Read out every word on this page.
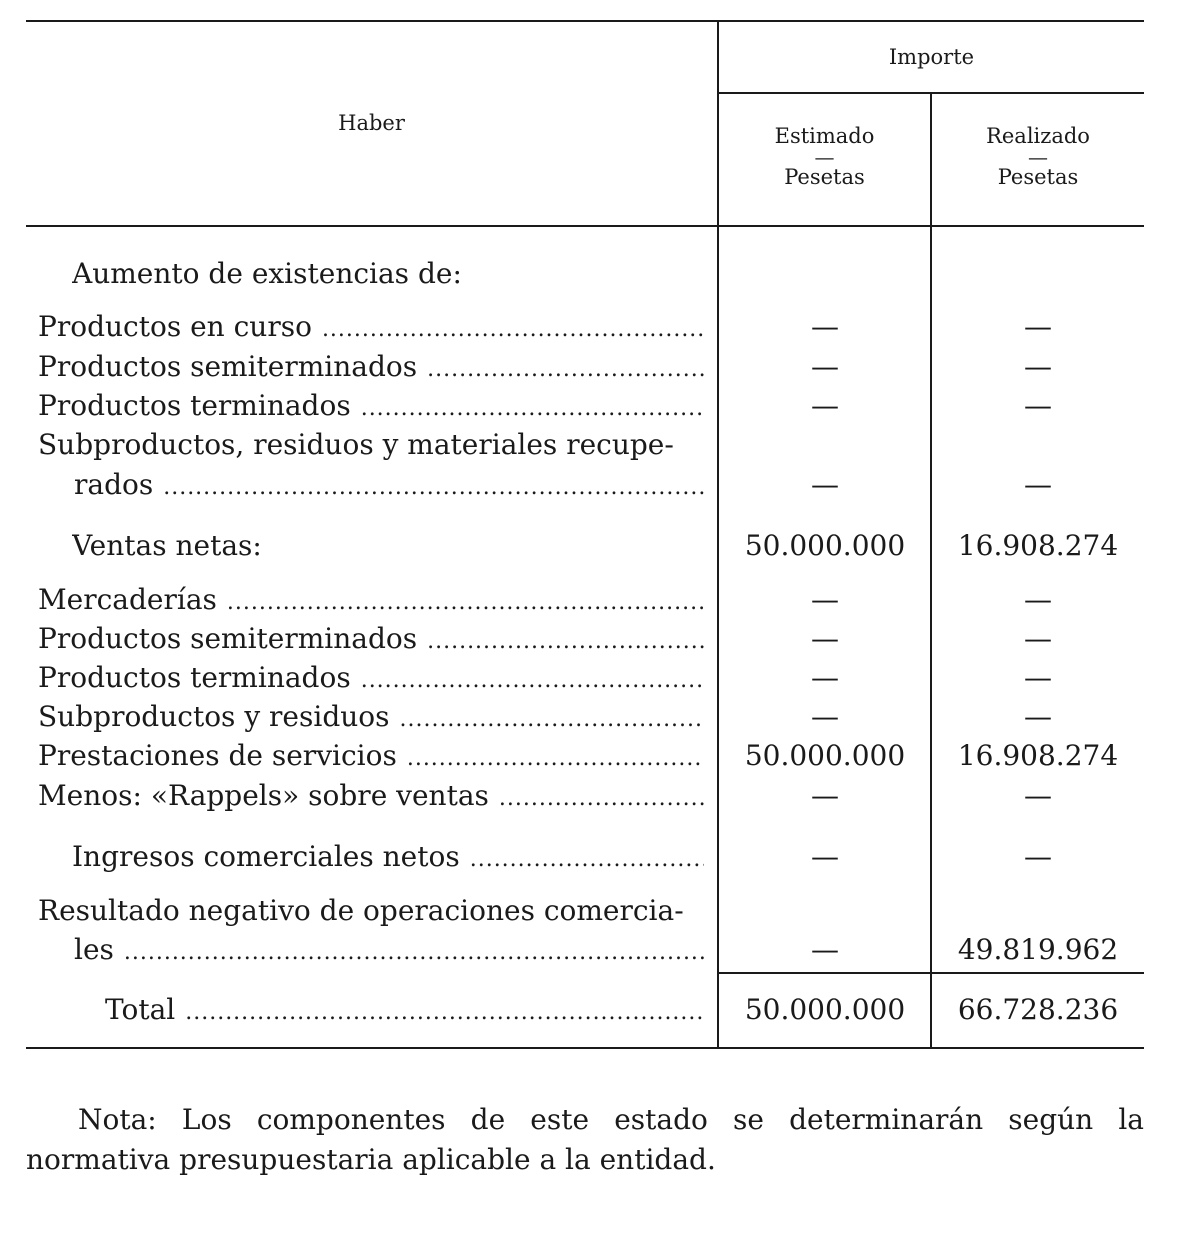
Haber
Importe
Estimado
—
Pesetas
Realizado
—
Pesetas
Aumento de existencias de:
Productos en curso . . .	—	—
Productos semiterminados . . .	—	—
Productos terminados . . .	—	—
Subproductos, residuos y materiales recupe-
rados . . .	—	—
Ventas netas:	50.000.000	16.908.274
Mercaderías . . .	—	—
Productos semiterminados . . .	—	—
Productos terminados . . .	—	—
Subproductos y residuos . . .	—	—
Prestaciones de servicios . . .	50.000.000	16.908.274
Menos: «Rappels» sobre ventas . . .	—	—
Ingresos comerciales netos . . .	—	—
Resultado negativo de operaciones comercia-
les . . .	—	49.819.962
Total . . .	50.000.000	66.728.236
Nota: Los componentes de este estado se determinarán según la normativa presupuestaria aplicable a la entidad.
